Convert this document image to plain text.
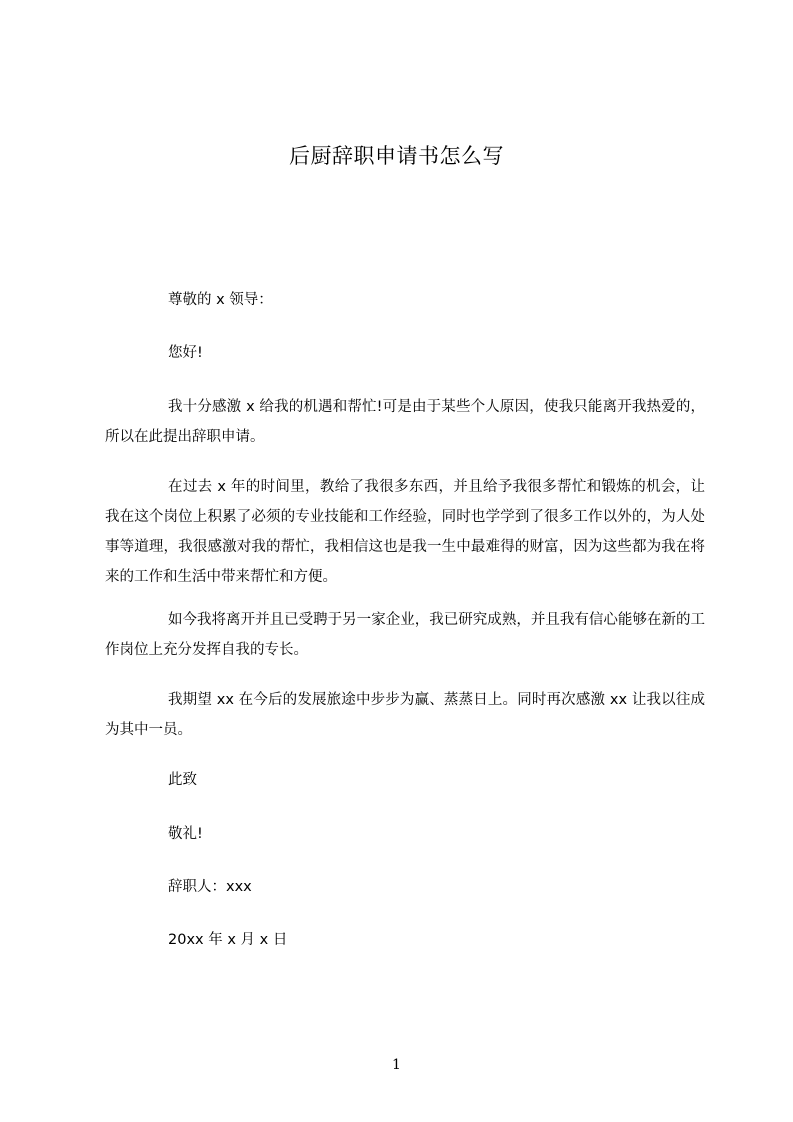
后厨辞职申请书怎么写
尊敬的 x 领导：
您好!
我十分感激 x 给我的机遇和帮忙!可是由于某些个人原因，使我只能离开我热爱的，所以在此提出辞职申请。
在过去 x 年的时间里，教给了我很多东西，并且给予我很多帮忙和锻炼的机会，让我在这个岗位上积累了必须的专业技能和工作经验，同时也学学到了很多工作以外的，为人处事等道理，我很感激对我的帮忙，我相信这也是我一生中最难得的财富，因为这些都为我在将来的工作和生活中带来帮忙和方便。
如今我将离开并且已受聘于另一家企业，我已研究成熟，并且我有信心能够在新的工作岗位上充分发挥自我的专长。
我期望 xx 在今后的发展旅途中步步为赢、蒸蒸日上。同时再次感激 xx 让我以往成为其中一员。
此致
敬礼!
辞职人：xxx
20xx 年 x 月 x 日
1
